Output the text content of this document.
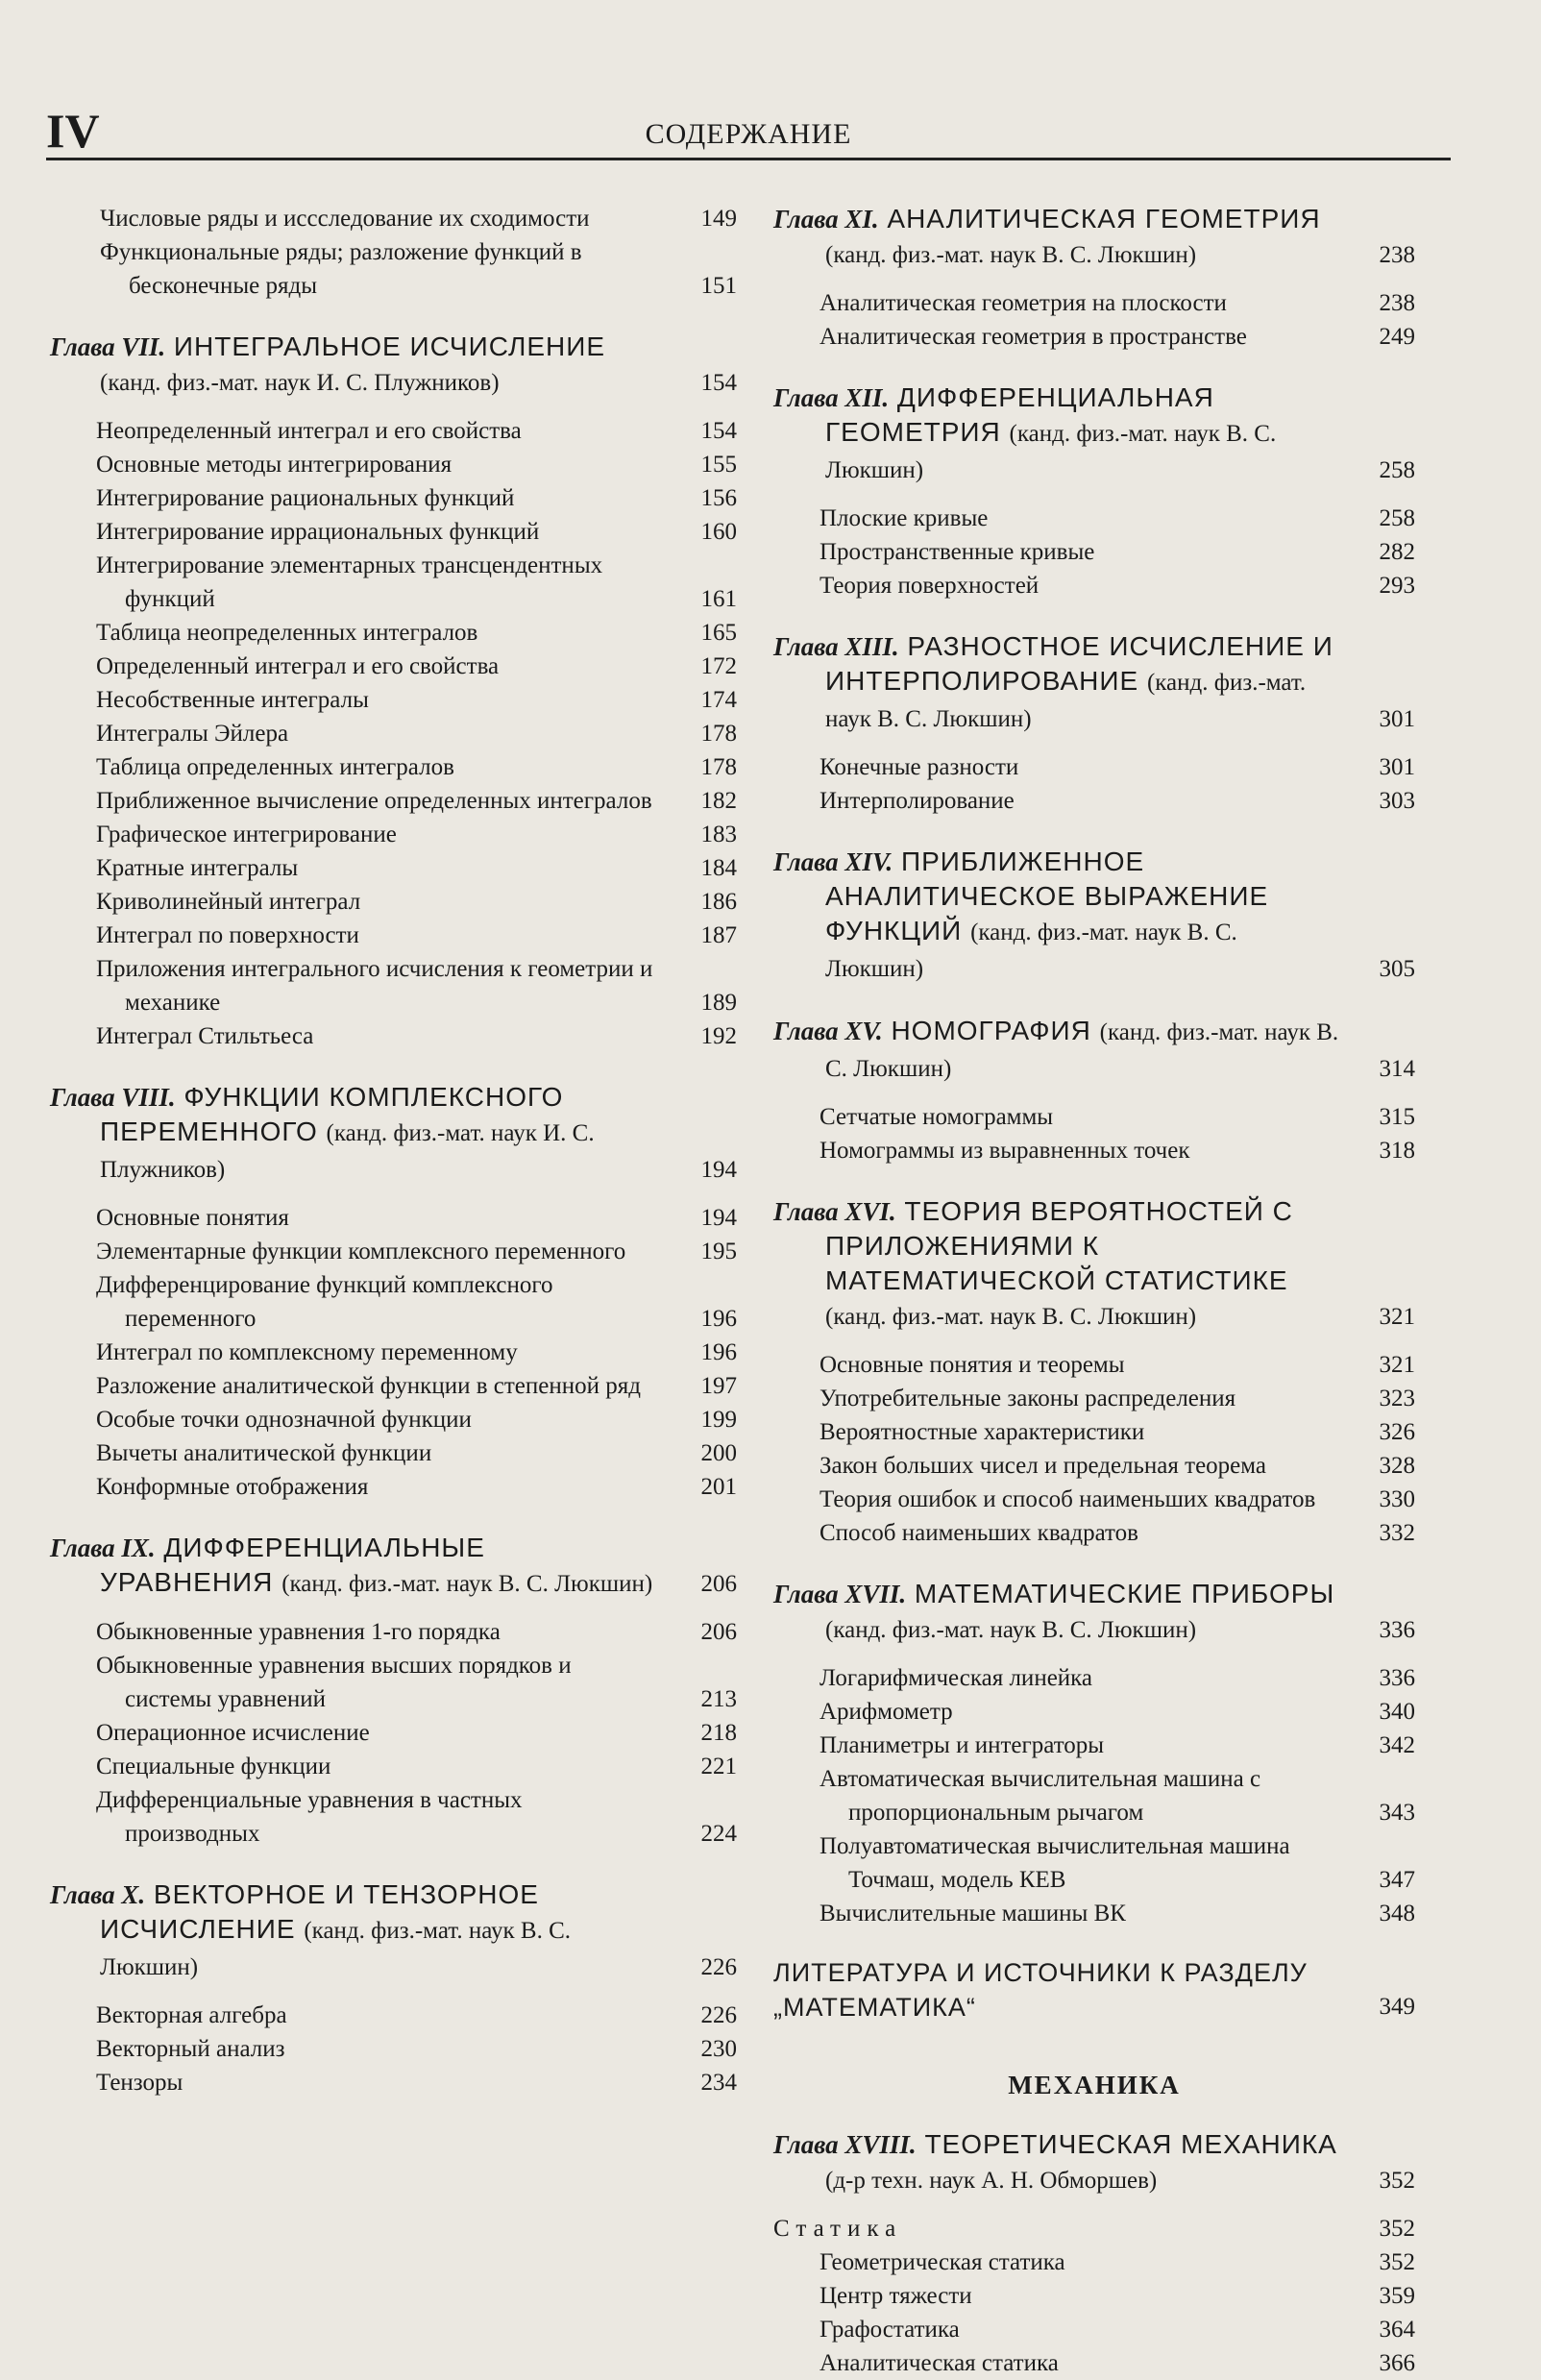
IV	СОДЕРЖАНИЕ
Числовые ряды и иссследование их сходимости	149
Функциональные ряды; разложение функций в бесконечные ряды	151
Глава VII. ИНТЕГРАЛЬНОЕ ИСЧИСЛЕНИЕ (канд. физ.-мат. наук И. С. Плужников)	154
Неопределенный интеграл и его свойства	154
Основные методы интегрирования	155
Интегрирование рациональных функций	156
Интегрирование иррациональных функций	160
Интегрирование элементарных трансцендентных функций	161
Таблица неопределенных интегралов	165
Определенный интеграл и его свойства	172
Несобственные интегралы	174
Интегралы Эйлера	178
Таблица определенных интегралов	178
Приближенное вычисление определенных интегралов	182
Графическое интегрирование	183
Кратные интегралы	184
Криволинейный интеграл	186
Интеграл по поверхности	187
Приложения интегрального исчисления к геометрии и механике	189
Интеграл Стильтьеса	192
Глава VIII. ФУНКЦИИ КОМПЛЕКСНОГО ПЕРЕМЕННОГО (канд. физ.-мат. наук И. С. Плужников)	194
Основные понятия	194
Элементарные функции комплексного переменного	195
Дифференцирование функций комплексного переменного	196
Интеграл по комплексному переменному	196
Разложение аналитической функции в степенной ряд	197
Особые точки однозначной функции	199
Вычеты аналитической функции	200
Конформные отображения	201
Глава IX. ДИФФЕРЕНЦИАЛЬНЫЕ УРАВНЕНИЯ (канд. физ.-мат. наук В. С. Люкшин)	206
Обыкновенные уравнения 1-го порядка	206
Обыкновенные уравнения высших порядков и системы уравнений	213
Операционное исчисление	218
Специальные функции	221
Дифференциальные уравнения в частных производных	224
Глава X. ВЕКТОРНОЕ И ТЕНЗОРНОЕ ИСЧИСЛЕНИЕ (канд. физ.-мат. наук В. С. Люкшин)	226
Векторная алгебра	226
Векторный анализ	230
Тензоры	234
Глава XI. АНАЛИТИЧЕСКАЯ ГЕОМЕТРИЯ (канд. физ.-мат. наук В. С. Люкшин)	238
Аналитическая геометрия на плоскости	238
Аналитическая геометрия в пространстве	249
Глава XII. ДИФФЕРЕНЦИАЛЬНАЯ ГЕОМЕТРИЯ (канд. физ.-мат. наук В. С. Люкшин)	258
Плоские кривые	258
Пространственные кривые	282
Теория поверхностей	293
Глава XIII. РАЗНОСТНОЕ ИСЧИСЛЕНИЕ И ИНТЕРПОЛИРОВАНИЕ (канд. физ.-мат. наук В. С. Люкшин)	301
Конечные разности	301
Интерполирование	303
Глава XIV. ПРИБЛИЖЕННОЕ АНАЛИТИЧЕСКОЕ ВЫРАЖЕНИЕ ФУНКЦИЙ (канд. физ.-мат. наук В. С. Люкшин)	305
Глава XV. НОМОГРАФИЯ (канд. физ.-мат. наук В. С. Люкшин)	314
Сетчатые номограммы	315
Номограммы из выравненных точек	318
Глава XVI. ТЕОРИЯ ВЕРОЯТНОСТЕЙ С ПРИЛОЖЕНИЯМИ К МАТЕМАТИЧЕСКОЙ СТАТИСТИКЕ (канд. физ.-мат. наук В. С. Люкшин)	321
Основные понятия и теоремы	321
Употребительные законы распределения	323
Вероятностные характеристики	326
Закон больших чисел и предельная теорема	328
Теория ошибок и способ наименьших квадратов	330
Способ наименьших квадратов	332
Глава XVII. МАТЕМАТИЧЕСКИЕ ПРИБОРЫ (канд. физ.-мат. наук В. С. Люкшин)	336
Логарифмическая линейка	336
Арифмометр	340
Планиметры и интеграторы	342
Автоматическая вычислительная машина с пропорциональным рычагом	343
Полуавтоматическая вычислительная машина Точмаш, модель КЕВ	347
Вычислительные машины ВК	348
ЛИТЕРАТУРА И ИСТОЧНИКИ К РАЗДЕЛУ „МАТЕМАТИКА“	349
МЕХАНИКА
Глава XVIII. ТЕОРЕТИЧЕСКАЯ МЕХАНИКА (д-р техн. наук А. Н. Обморшев)	352
Статика	352
Геометрическая статика	352
Центр тяжести	359
Графостатика	364
Аналитическая статика	366
